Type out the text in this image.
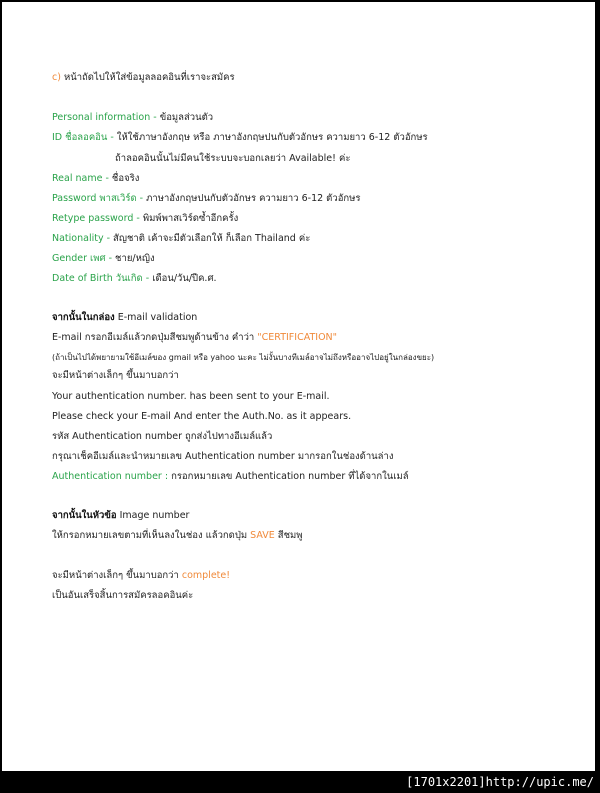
c) หน้าถัดไปให้ใส่ข้อมูลลอคอินที่เราจะสมัคร
Personal information - ข้อมูลส่วนตัว
ID ชื่อลอคอิน - ให้ใช้ภาษาอังกฤษ หรือ ภาษาอังกฤษปนกับตัวอักษร ความยาว 6-12 ตัวอักษร
ถ้าลอคอินนั้นไม่มีคนใช้ระบบจะบอกเลยว่า Available! ค่ะ
Real name - ชื่อจริง
Password พาสเวิร์ด - ภาษาอังกฤษปนกับตัวอักษร ความยาว 6-12 ตัวอักษร
Retype password - พิมพ์พาสเวิร์ดซ้ำอีกครั้ง
Nationality - สัญชาติ เค้าจะมีตัวเลือกให้ ก็เลือก Thailand ค่ะ
Gender เพศ - ชาย/หญิง
Date of Birth วันเกิด - เดือน/วัน/ปีค.ศ.
จากนั้นในกล่อง E-mail validation
E-mail กรอกอีเมล์แล้วกดปุ่มสีชมพูด้านข้าง คำว่า "CERTIFICATION"
(ถ้าเป็นไปได้พยายามใช้อีเมล์ของ gmail หรือ yahoo นะคะ ไม่งั้นบางทีเมล์อาจไม่ถึงหรืออาจไปอยู่ในกล่องขยะ)
จะมีหน้าต่างเล็กๆ ขึ้นมาบอกว่า
Your authentication number. has been sent to your E-mail.
Please check your E-mail And enter the Auth.No. as it appears.
รหัส Authentication number ถูกส่งไปทางอีเมล์แล้ว
กรุณาเช็คอีเมล์และนำหมายเลข Authentication number มากรอกในช่องด้านล่าง
Authentication number : กรอกหมายเลข Authentication number ที่ได้จากในเมล์
จากนั้นในหัวข้อ Image number
ให้กรอกหมายเลขตามที่เห็นลงในช่อง แล้วกดปุ่ม SAVE สีชมพู
จะมีหน้าต่างเล็กๆ ขึ้นมาบอกว่า complete!
เป็นอันเสร็จสิ้นการสมัครลอคอินค่ะ
[1701x2201]http://upic.me/
